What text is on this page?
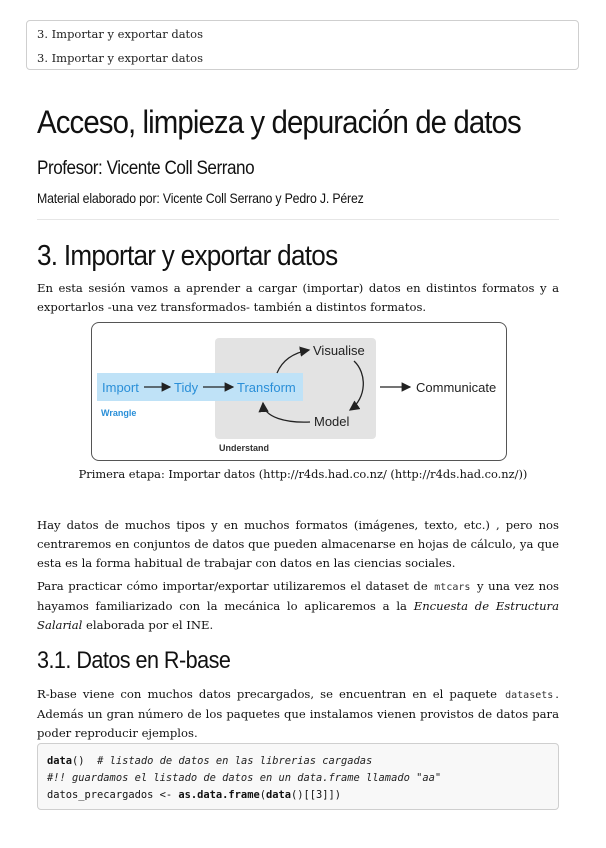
3. Importar y exportar datos
3. Importar y exportar datos
Acceso, limpieza y depuración de datos
Profesor: Vicente Coll Serrano
Material elaborado por: Vicente Coll Serrano y Pedro J. Pérez
3. Importar y exportar datos

En esta sesión vamos a aprender a cargar (importar) datos en distintos formatos y a exportarlos -una vez transformados- también a distintos formatos.

Import	Tidy	Transform
Wrangle
Visualise
Model
Communicate
Understand
Primera etapa: Importar datos (http://r4ds.had.co.nz/ (http://r4ds.had.co.nz/))

Hay datos de muchos tipos y en muchos formatos (imágenes, texto, etc.) , pero nos centraremos en conjuntos de datos que pueden almacenarse en hojas de cálculo, ya que esta es la forma habitual de trabajar con datos en las ciencias sociales.

Para practicar cómo importar/exportar utilizaremos el dataset de mtcars y una vez nos hayamos familiarizado con la mecánica lo aplicaremos a la Encuesta de Estructura Salarial elaborada por el INE.

3.1. Datos en R-base

R-base viene con muchos datos precargados, se encuentran en el paquete datasets . Además un gran número de los paquetes que instalamos vienen provistos de datos para poder reproducir ejemplos.

data() # listado de datos en las librerias cargadas
#!! guardamos el listado de datos en un data.frame llamado "aa"
datos_precargados <- as.data.frame(data()[[3]])
